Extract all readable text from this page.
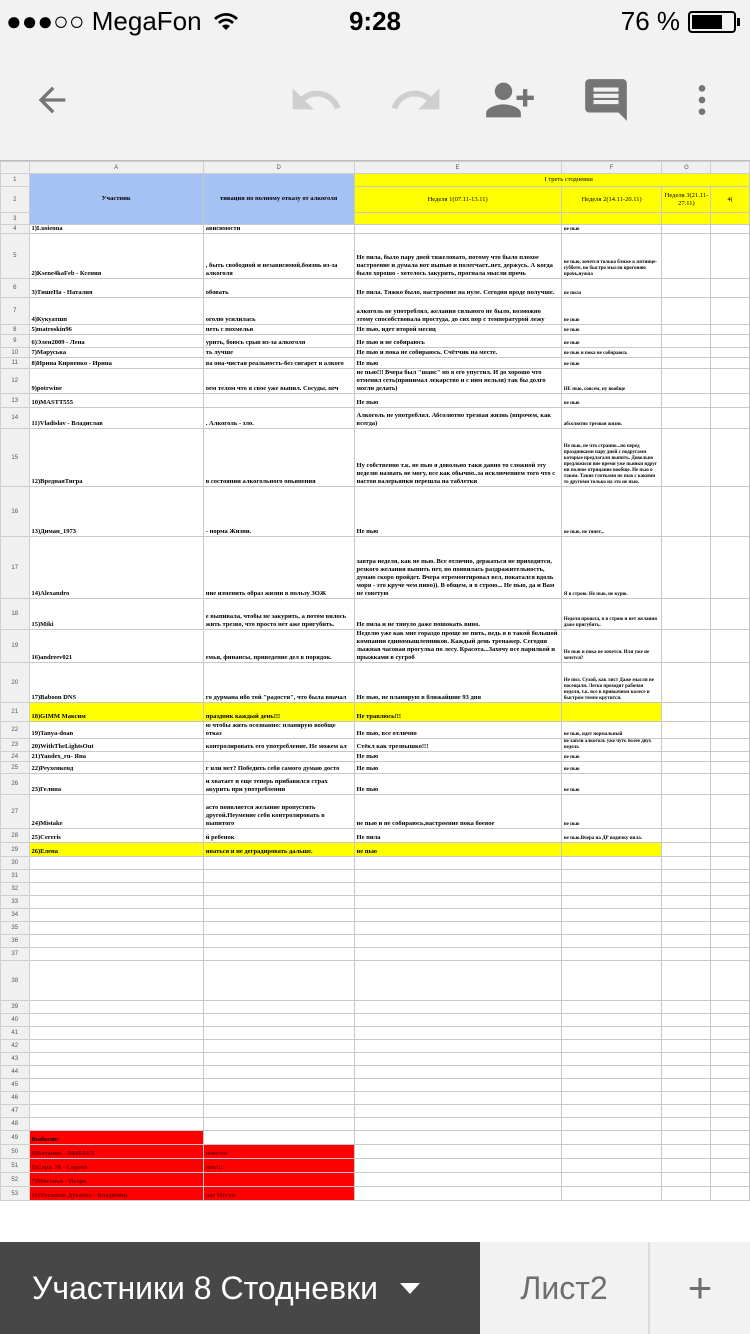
●●●○○ MegaFon	9:28	76 %
	A	D	E	F	G	
1	Участник	тивация по полному отказу от алкоголя	I треть стодневки			
2			Неделя 1(07.11-13.11)	Неделя 2(14.11-20.11)	Неделя 3(21.11-27.11)	4(
3						
4	1)Lusienna	ависимости		не пью		
5	2)Ksene4kaFeb - Ксения	, быть свободной и независимой,боязнь из-за алкоголя	Не пила, было пару дней тяжеловато, потому что было плохое настроение и думала вот выпью и полегчает..нет, держусь. А когда было хорошо - хотелось закурить, прогнала мысли прочь	не пью, хочется только ближе к пятнице-субботе, но быстро мысли прогоняю прочь,нужна		
6	3)ТишеНа - Наталия	обовать	Не пила. Тяжко было, настроение на нуле. Сегодня вроде получше.	не пила		
7	4)Кукуатшп	оголю усилилась	алкоголь не употреблял, желания сильного не было, возможно этому способствовала простуда, до сих пор с температурой лежу	не пью		
8	5)matroskin96	петь с похмелья	Не пью, идет второй месяц	не пью		
9	6)Элен2009 - Лена	урить, боюсь срыв из-за алкоголя	Не пью и не собираюсь	не пью		
10	7)Маруська	ть лучше	Не пью и пока не собираюсь. Счётчик на месте.	не пью и пока не собираюсь		
11	8)Ирина Кирвенко - Ирина	ва она-чистая реальность-без сигарет и алкого	Не пью	не пью		
12	9)potrwine	оем телом что я свое уже выпил. Сосуды, печ	не пью!!! Вчера был "шанс" но я его упустил. И до хорошо что отменил сеть(принимал лекарство и с ним нельзя) так бы долго могли делать)	НЕ пью, совсем, ну вообще		
13	10)MASTT555		Не пью	не пью		
14	11)Vladislav - Владислав	. Алкоголь - зло.	Алкоголь не употреблял. Абсолютно трезвая жизнь (впрочем, как всегда)	абсолютно трезвая жизнь		
15	12)ВреднаяТигра	в состоянии алкогольного опьянения	Ну собственно т.к. не пью я довольно таки давно то сложной эту неделю назвать не могу, все как обычно..за исключением того что с настоя валерьянки перешла на таблетки	Не пью, не что странно...но перед праздниками пару дней с подругами которые предлагали выпить. Довольно предложили вне время уже пьянки вдруг ни полное отрицание вообще. Не пью о таком. Такие глотками не пью с какими то другими только на это не пью.		
16	13)Диман_1973	- норма Жизни.	Не пью	не пью, не тянет...		
17	14)Alexandro	ние изменить образ жизни в пользу ЗОЖ	завтра неделя, как не пью. Все отлично, держаться не приходится, резкого желания выпить нет, но появилась раздражительность, думаю скоро пройдет. Вчера отремонтировал вел, покатался вдоль моря - это круче чем пиво)). В общем, я в строю... Не пью, да и Вам не советую	Я в строю. Не пью, не курю.		
18	15)Miki	е выпивала, чтобы не закурить, а потом вилось жить трезво, что просто нет аже пригубить.	Не пила и не тянуло даже пошокать вино.	Неделя прошла, я в строю и нет желания даже пригубить.		
19	16)andreev021	емья, финансы, приведение дел в порядок.	Неделю уже как мне гораздо проще не пить, ведь я в такой большой компании единомышленников. Каждый день тренажер. Сегодня лыжная часовая прогулка по лесу. Красота...Захочу все парилкой и прыжками в сугроб	Не пью и пока не хочется. Или уже не хочется?		
20	17)Baboon DNS	го дурмана ибо той "радости", что была вначал	Не пью, не планирую в ближайшие 93 дня	Не пил. Сухой, как лист Даже мысли не посещали. Легко проходит рабочая неделя, т.к. все в привычном колесе и быстром темпе крутится.		
21	18)GIMM Максим	праздник каждый день!!!	Не травлюсь!!!			
22	19)Tanya-doan	ю чтобы жить осознанно: планирую вообще отказ	Не пью, все отлично	не пью, идет нормальный		
23	20)WithTheLightsOut	контролировать его употребление. Не можем ал	Стёкл как трезвышко!!!	не хапли алкоголь уже чуть более двух недель		
24	21)Yandex_ru- Яна		Не пью	не пью		
25	22)Реухенкенд	г или нет? Победить себя самого думаю досто	Не пью	не пью		
26	23)Гелина	и хватает и еще теперь прибавился страх акурить при употреблении	Не пью	не пью		
27	24)Mistake	асто появляется желание пропустить другой.Неумение себя контролировать в выпитого	не пью и не собираюсь,настроение пока боевое	не пью		
28	25)Сегеris	й ребенок	Не пила	не пью.Вчера на ДР водичку пила.		
29	26)Елена	иваться и не деградировать дальше.	не пью			
30						
31						
32						
33						
34						
35						
36						
37						
38						
39						
40						
41						
42						
43						
44						
45						
46						
47						
48						
49	Выбыли:					
50	4)Ботаник - ВЫБЫЛ	имости				
51	1)Серж 78 - Сергей	ить!!!				
52	7)Мигенья - Игорь					
53	11)Тоташно Дукаево - Владимир	нас Пусти				
Участники 8 Стодневки	Лист2 +
